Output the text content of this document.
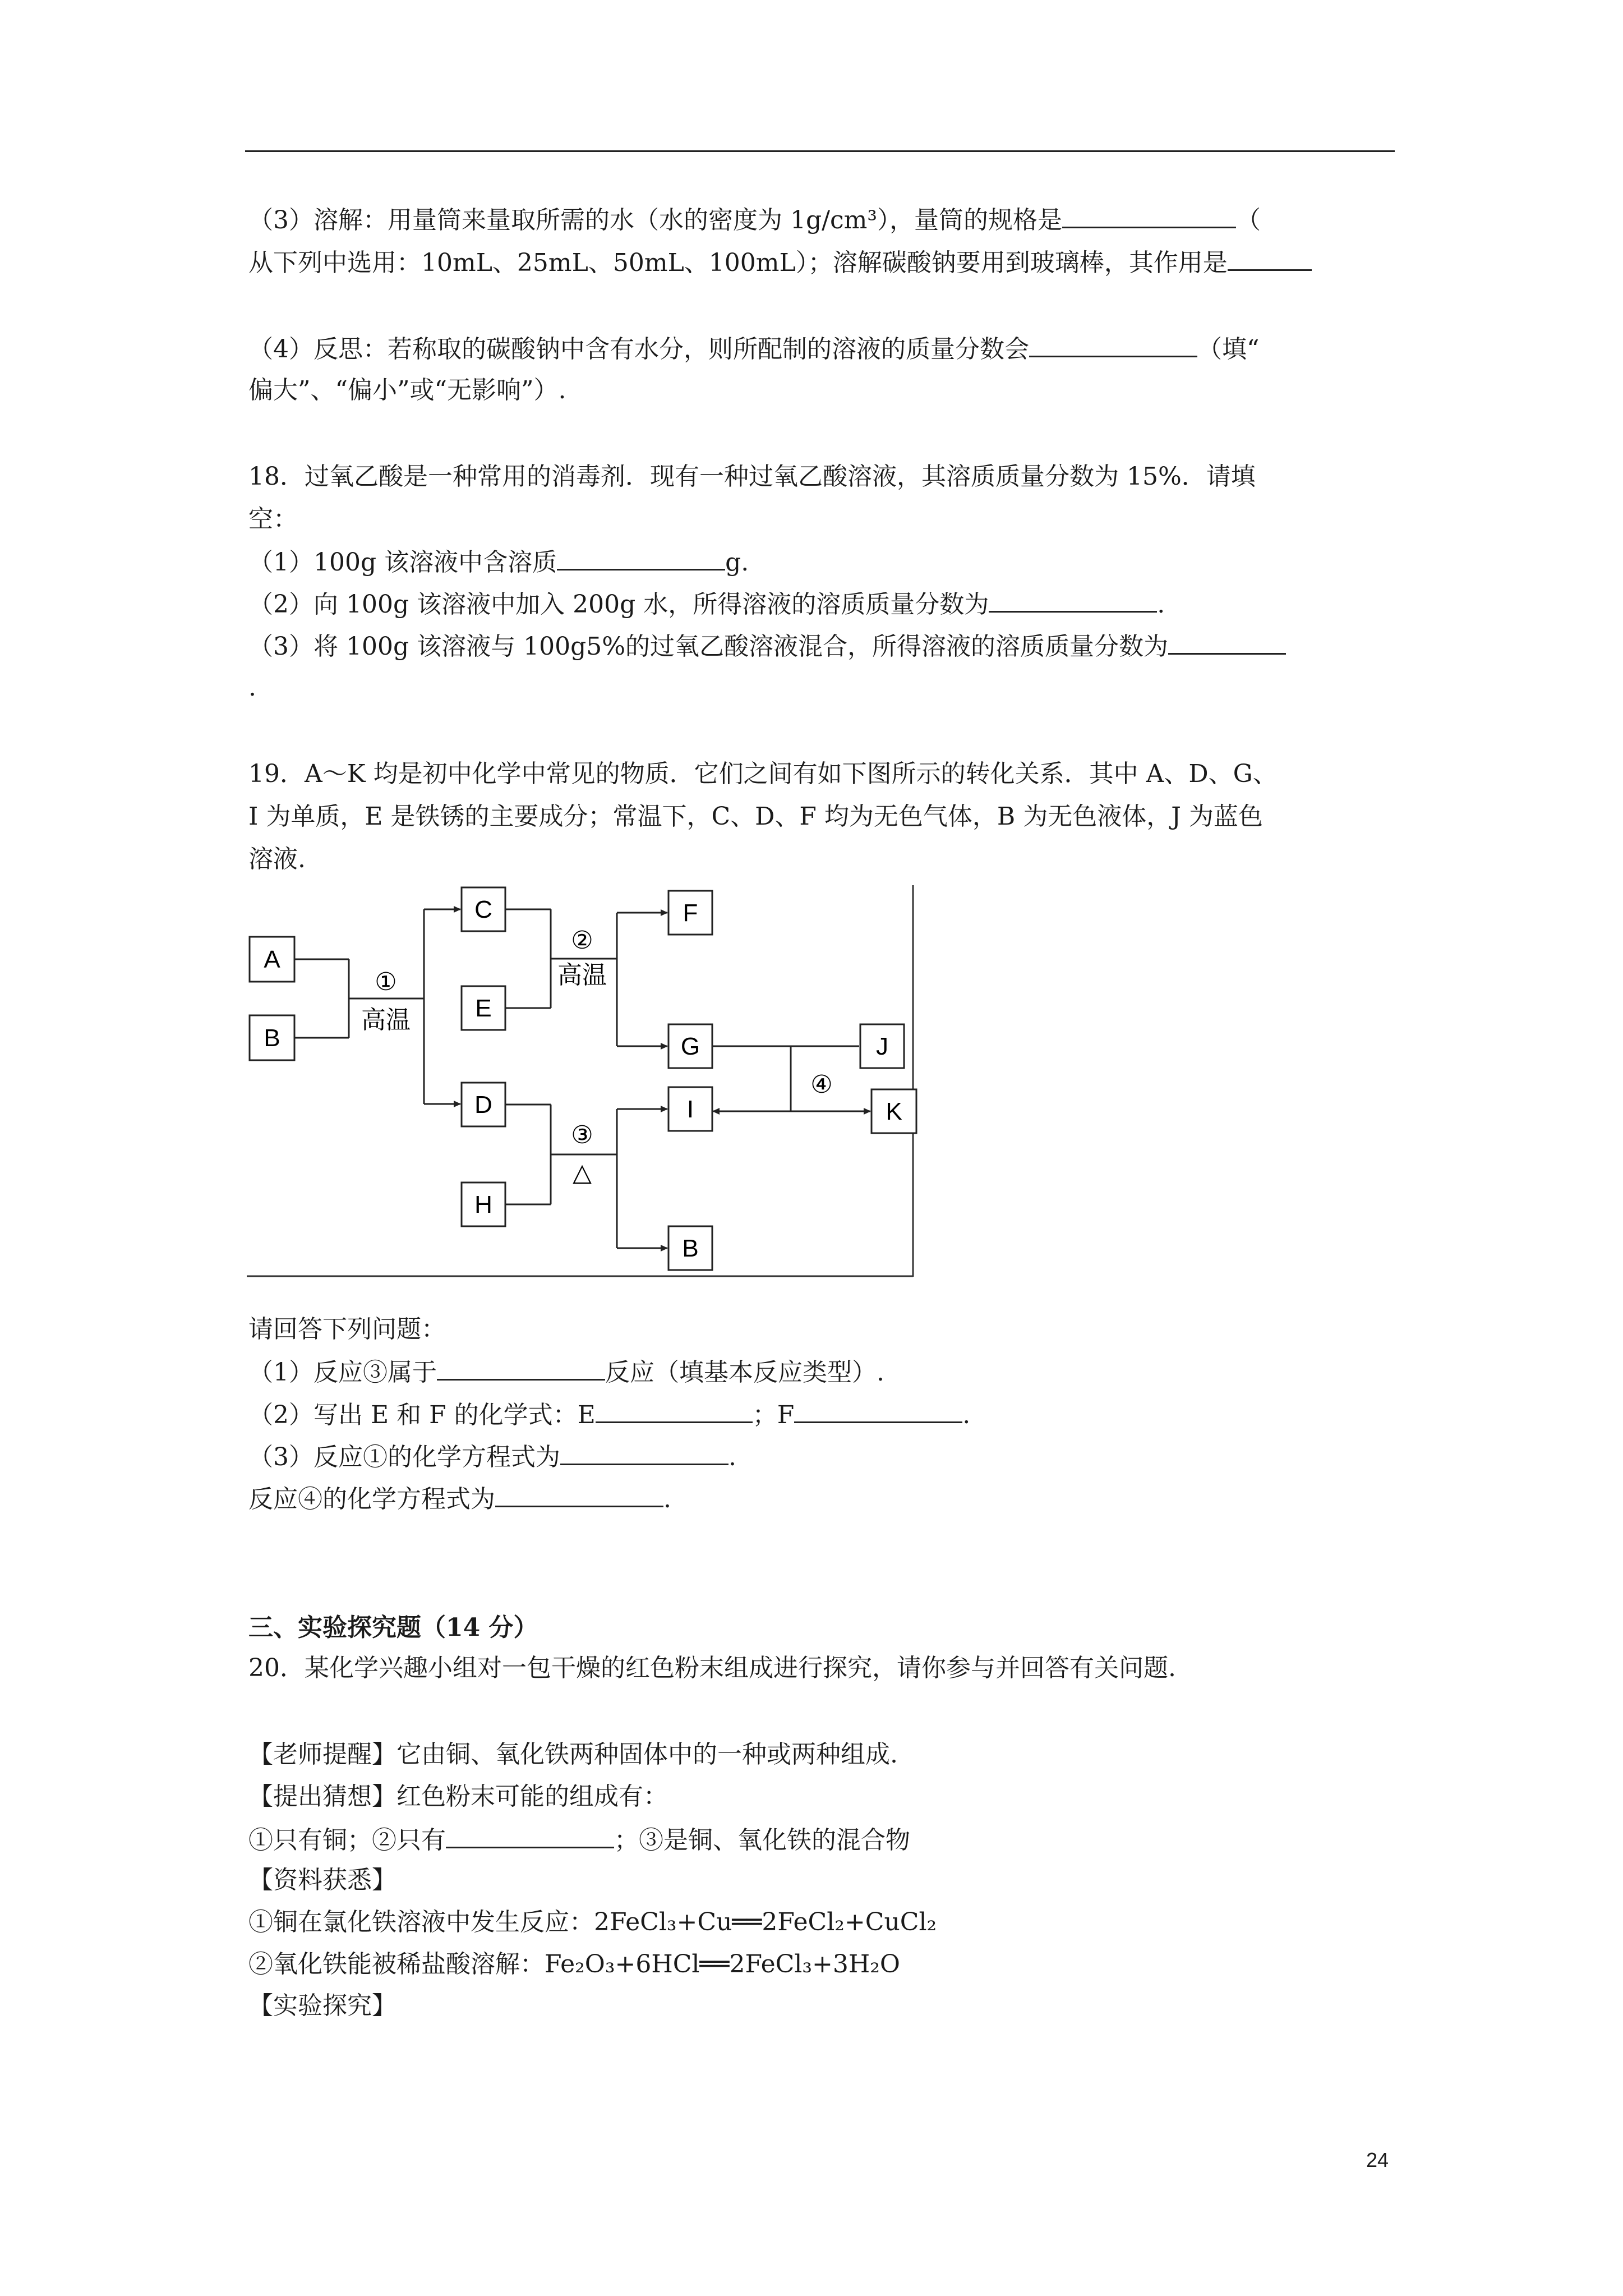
（3）溶解：用量筒来量取所需的水（水的密度为 1g/cm³），量筒的规格是	（
从下列中选用：10mL、25mL、50mL、100mL）；溶解碳酸钠要用到玻璃棒，其作用是
（4）反思：若称取的碳酸钠中含有水分，则所配制的溶液的质量分数会	（填“
偏大”、“偏小”或“无影响”）.
18．过氧乙酸是一种常用的消毒剂．现有一种过氧乙酸溶液，其溶质质量分数为 15%．请填
空：
（1）100g 该溶液中含溶质	g.
（2）向 100g 该溶液中加入 200g 水，所得溶液的溶质质量分数为	.
（3）将 100g 该溶液与 100g5%的过氧乙酸溶液混合，所得溶液的溶质质量分数为
.
19．A～K 均是初中化学中常见的物质．它们之间有如下图所示的转化关系．其中 A、D、G、
I 为单质，E 是铁锈的主要成分；常温下，C、D、F 均为无色气体，B 为无色液体，J 为蓝色
溶液.
A
B
C
E
D
H
F
G
I
B
J
K
①
高温
②
高温
③
△
④
请回答下列问题：
（1）反应③属于	反应（填基本反应类型）.
（2）写出 E 和 F 的化学式：E	；F	.
（3）反应①的化学方程式为	.
反应④的化学方程式为	.
三、实验探究题（14 分）
20．某化学兴趣小组对一包干燥的红色粉末组成进行探究，请你参与并回答有关问题.
【老师提醒】它由铜、氧化铁两种固体中的一种或两种组成.
【提出猜想】红色粉末可能的组成有：
①只有铜；②只有	；③是铜、氧化铁的混合物
【资料获悉】
①铜在氯化铁溶液中发生反应：2FeCl₃+Cu══2FeCl₂+CuCl₂
②氧化铁能被稀盐酸溶解：Fe₂O₃+6HCl══2FeCl₃+3H₂O
【实验探究】
24
